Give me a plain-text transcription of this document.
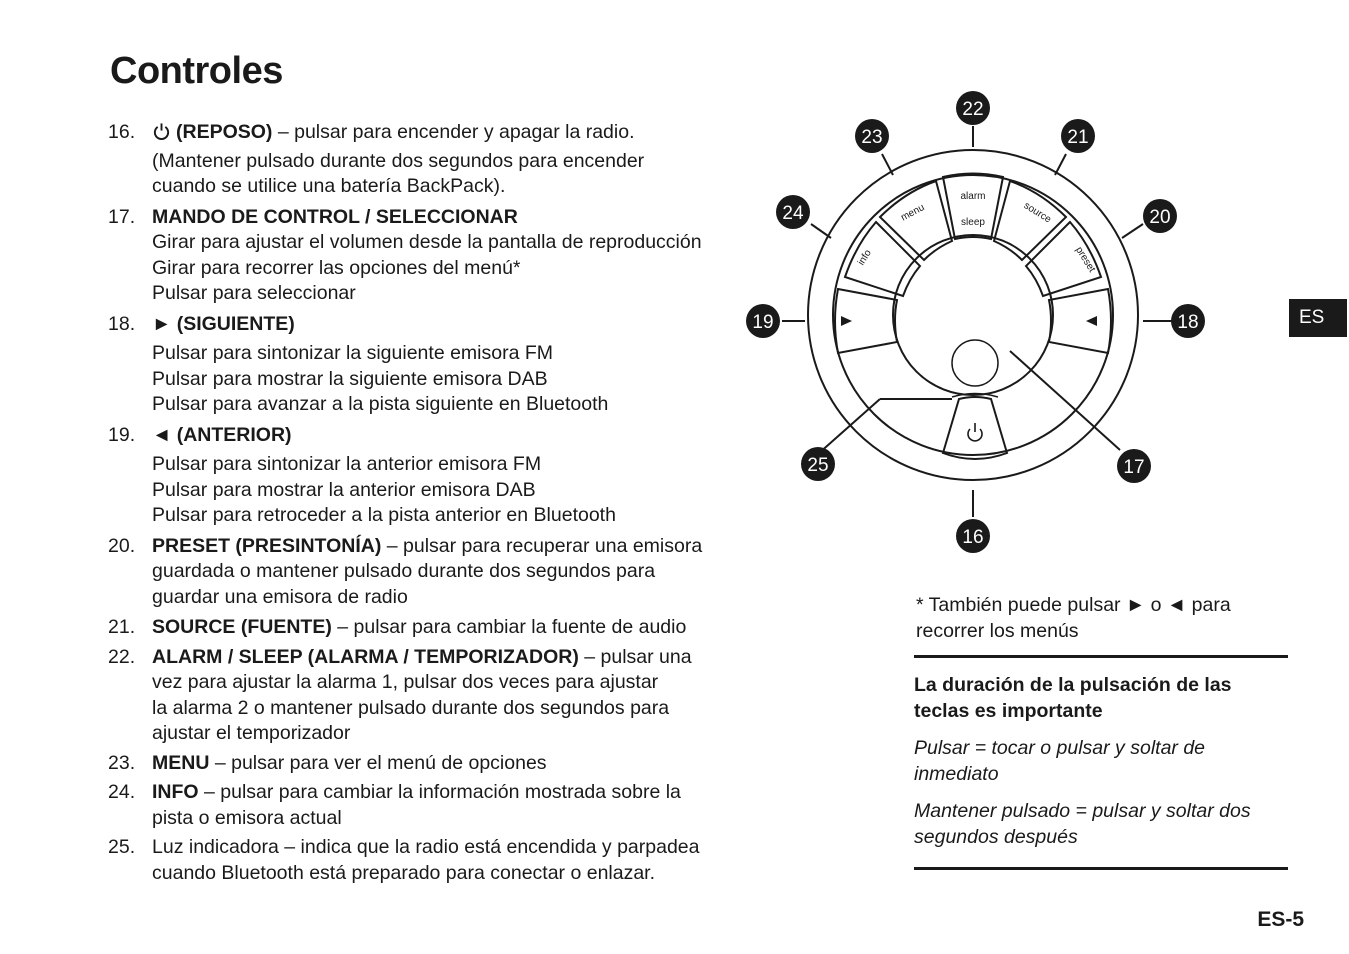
Controles
16.	(REPOSO) – pulsar para encender y apagar la radio.
(Mantener pulsado durante dos segundos para encender
cuando se utilice una batería BackPack).
17. MANDO DE CONTROL / SELECCIONAR
Girar para ajustar el volumen desde la pantalla de reproducción
Girar para recorrer las opciones del menú*
Pulsar para seleccionar
18. ► (SIGUIENTE)
Pulsar para sintonizar la siguiente emisora FM
Pulsar para mostrar la siguiente emisora DAB
Pulsar para avanzar a la pista siguiente en Bluetooth
19. ◄ (ANTERIOR)
Pulsar para sintonizar la anterior emisora FM
Pulsar para mostrar la anterior emisora DAB
Pulsar para retroceder a la pista anterior en Bluetooth
20. PRESET (PRESINTONÍA) – pulsar para recuperar una emisora
guardada o mantener pulsado durante dos segundos para
guardar una emisora de radio
21. SOURCE (FUENTE) – pulsar para cambiar la fuente de audio
22. ALARM / SLEEP (ALARMA / TEMPORIZADOR) – pulsar una
vez para ajustar la alarma 1, pulsar dos veces para ajustar
la alarma 2 o mantener pulsado durante dos segundos para
ajustar el temporizador
23. MENU – pulsar para ver el menú de opciones
24. INFO – pulsar para cambiar la información mostrada sobre la
pista o emisora actual
25. Luz indicadora – indica que la radio está encendida y parpadea
cuando Bluetooth está preparado para conectar o enlazar.
alarm
sleep
menu	source
preset
info
22
23	21
24	20
19	18
25	17
16
* También puede pulsar ► o ◄ para
recorrer los menús
La duración de la pulsación de las
teclas es importante
Pulsar = tocar o pulsar y soltar de
inmediato
Mantener pulsado = pulsar y soltar dos
segundos después
ES
ES-5
